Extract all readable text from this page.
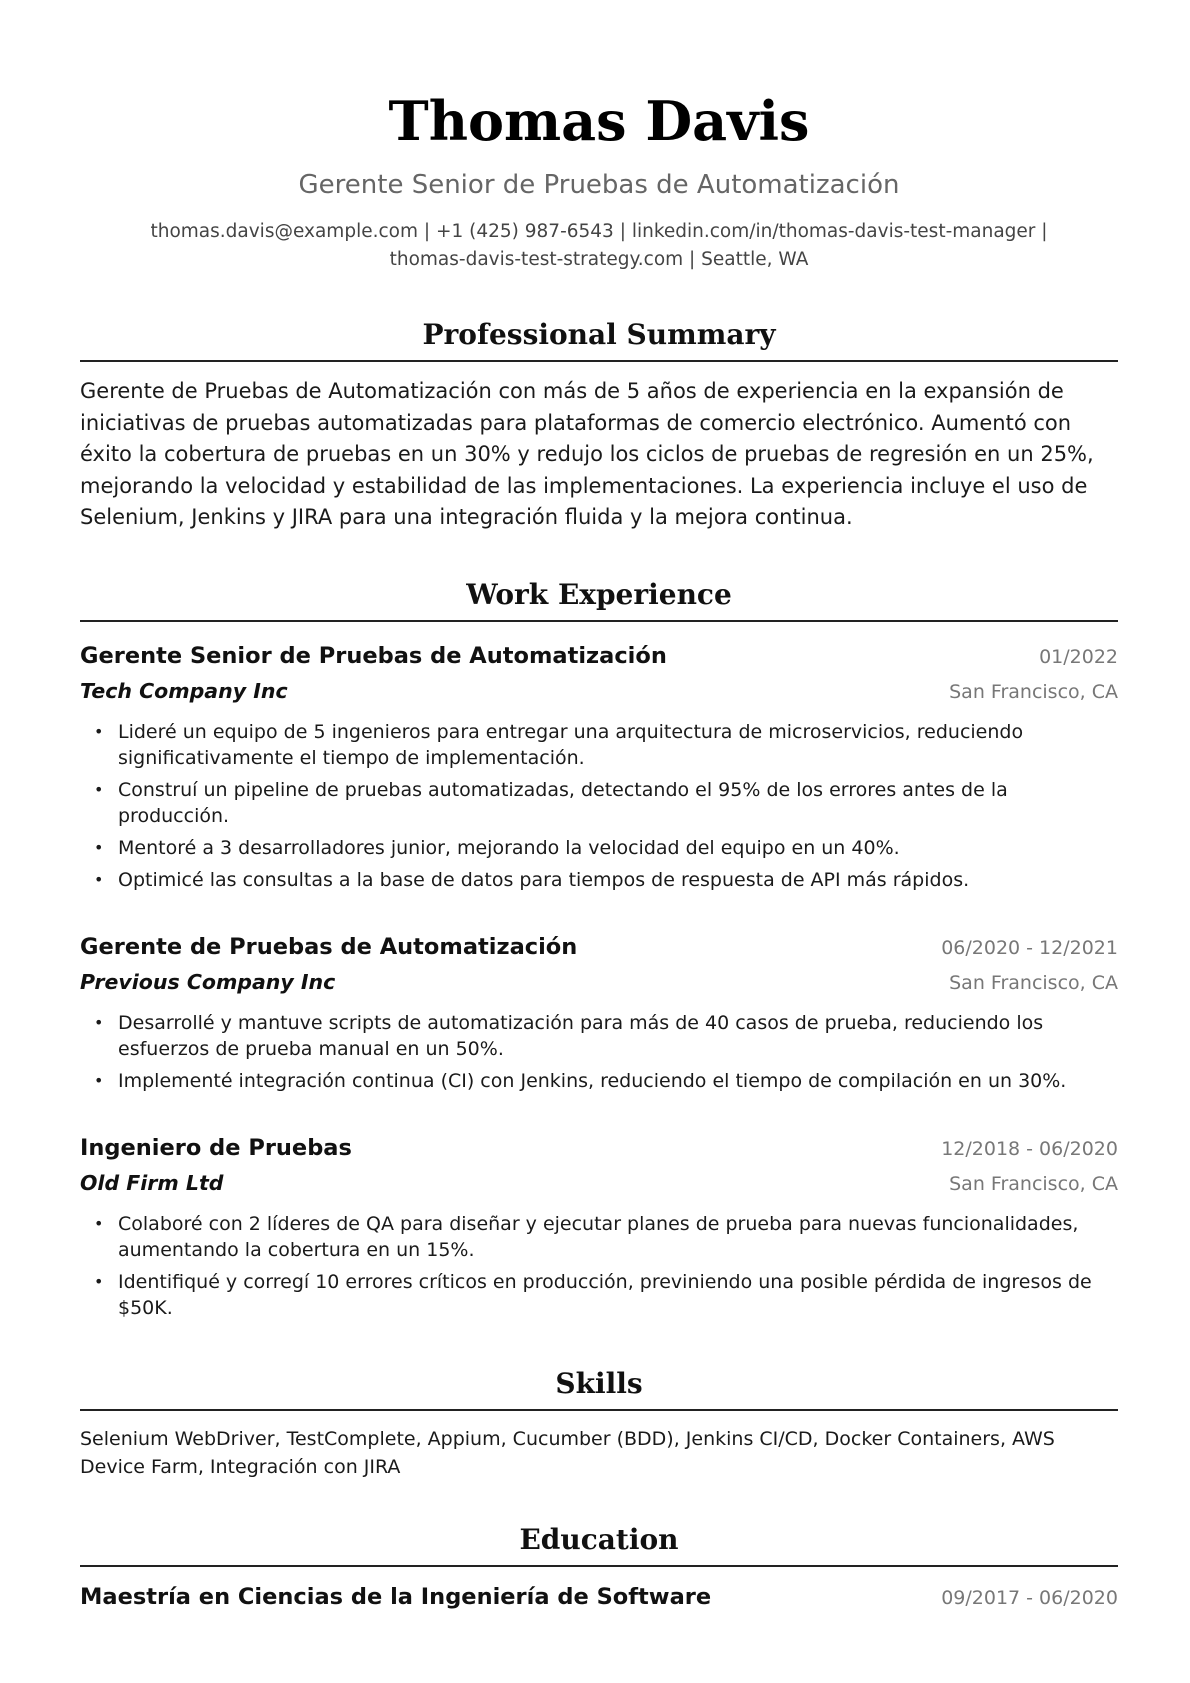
Thomas Davis
Gerente Senior de Pruebas de Automatización
thomas.davis@example.com | +1 (425) 987-6543 | linkedin.com/in/thomas-davis-test-manager | thomas-davis-test-strategy.com | Seattle, WA
Professional Summary
Gerente de Pruebas de Automatización con más de 5 años de experiencia en la expansión de iniciativas de pruebas automatizadas para plataformas de comercio electrónico. Aumentó con éxito la cobertura de pruebas en un 30% y redujo los ciclos de pruebas de regresión en un 25%, mejorando la velocidad y estabilidad de las implementaciones. La experiencia incluye el uso de Selenium, Jenkins y JIRA para una integración fluida y la mejora continua.
Work Experience
Gerente Senior de Pruebas de Automatización	01/2022
Tech Company Inc	San Francisco, CA
• Lideré un equipo de 5 ingenieros para entregar una arquitectura de microservicios, reduciendo significativamente el tiempo de implementación.
• Construí un pipeline de pruebas automatizadas, detectando el 95% de los errores antes de la producción.
• Mentoré a 3 desarrolladores junior, mejorando la velocidad del equipo en un 40%.
• Optimicé las consultas a la base de datos para tiempos de respuesta de API más rápidos.
Gerente de Pruebas de Automatización	06/2020 - 12/2021
Previous Company Inc	San Francisco, CA
• Desarrollé y mantuve scripts de automatización para más de 40 casos de prueba, reduciendo los esfuerzos de prueba manual en un 50%.
• Implementé integración continua (CI) con Jenkins, reduciendo el tiempo de compilación en un 30%.
Ingeniero de Pruebas	12/2018 - 06/2020
Old Firm Ltd	San Francisco, CA
• Colaboré con 2 líderes de QA para diseñar y ejecutar planes de prueba para nuevas funcionalidades, aumentando la cobertura en un 15%.
• Identifiqué y corregí 10 errores críticos en producción, previniendo una posible pérdida de ingresos de $50K.
Skills
Selenium WebDriver, TestComplete, Appium, Cucumber (BDD), Jenkins CI/CD, Docker Containers, AWS Device Farm, Integración con JIRA
Education
Maestría en Ciencias de la Ingeniería de Software	09/2017 - 06/2020
